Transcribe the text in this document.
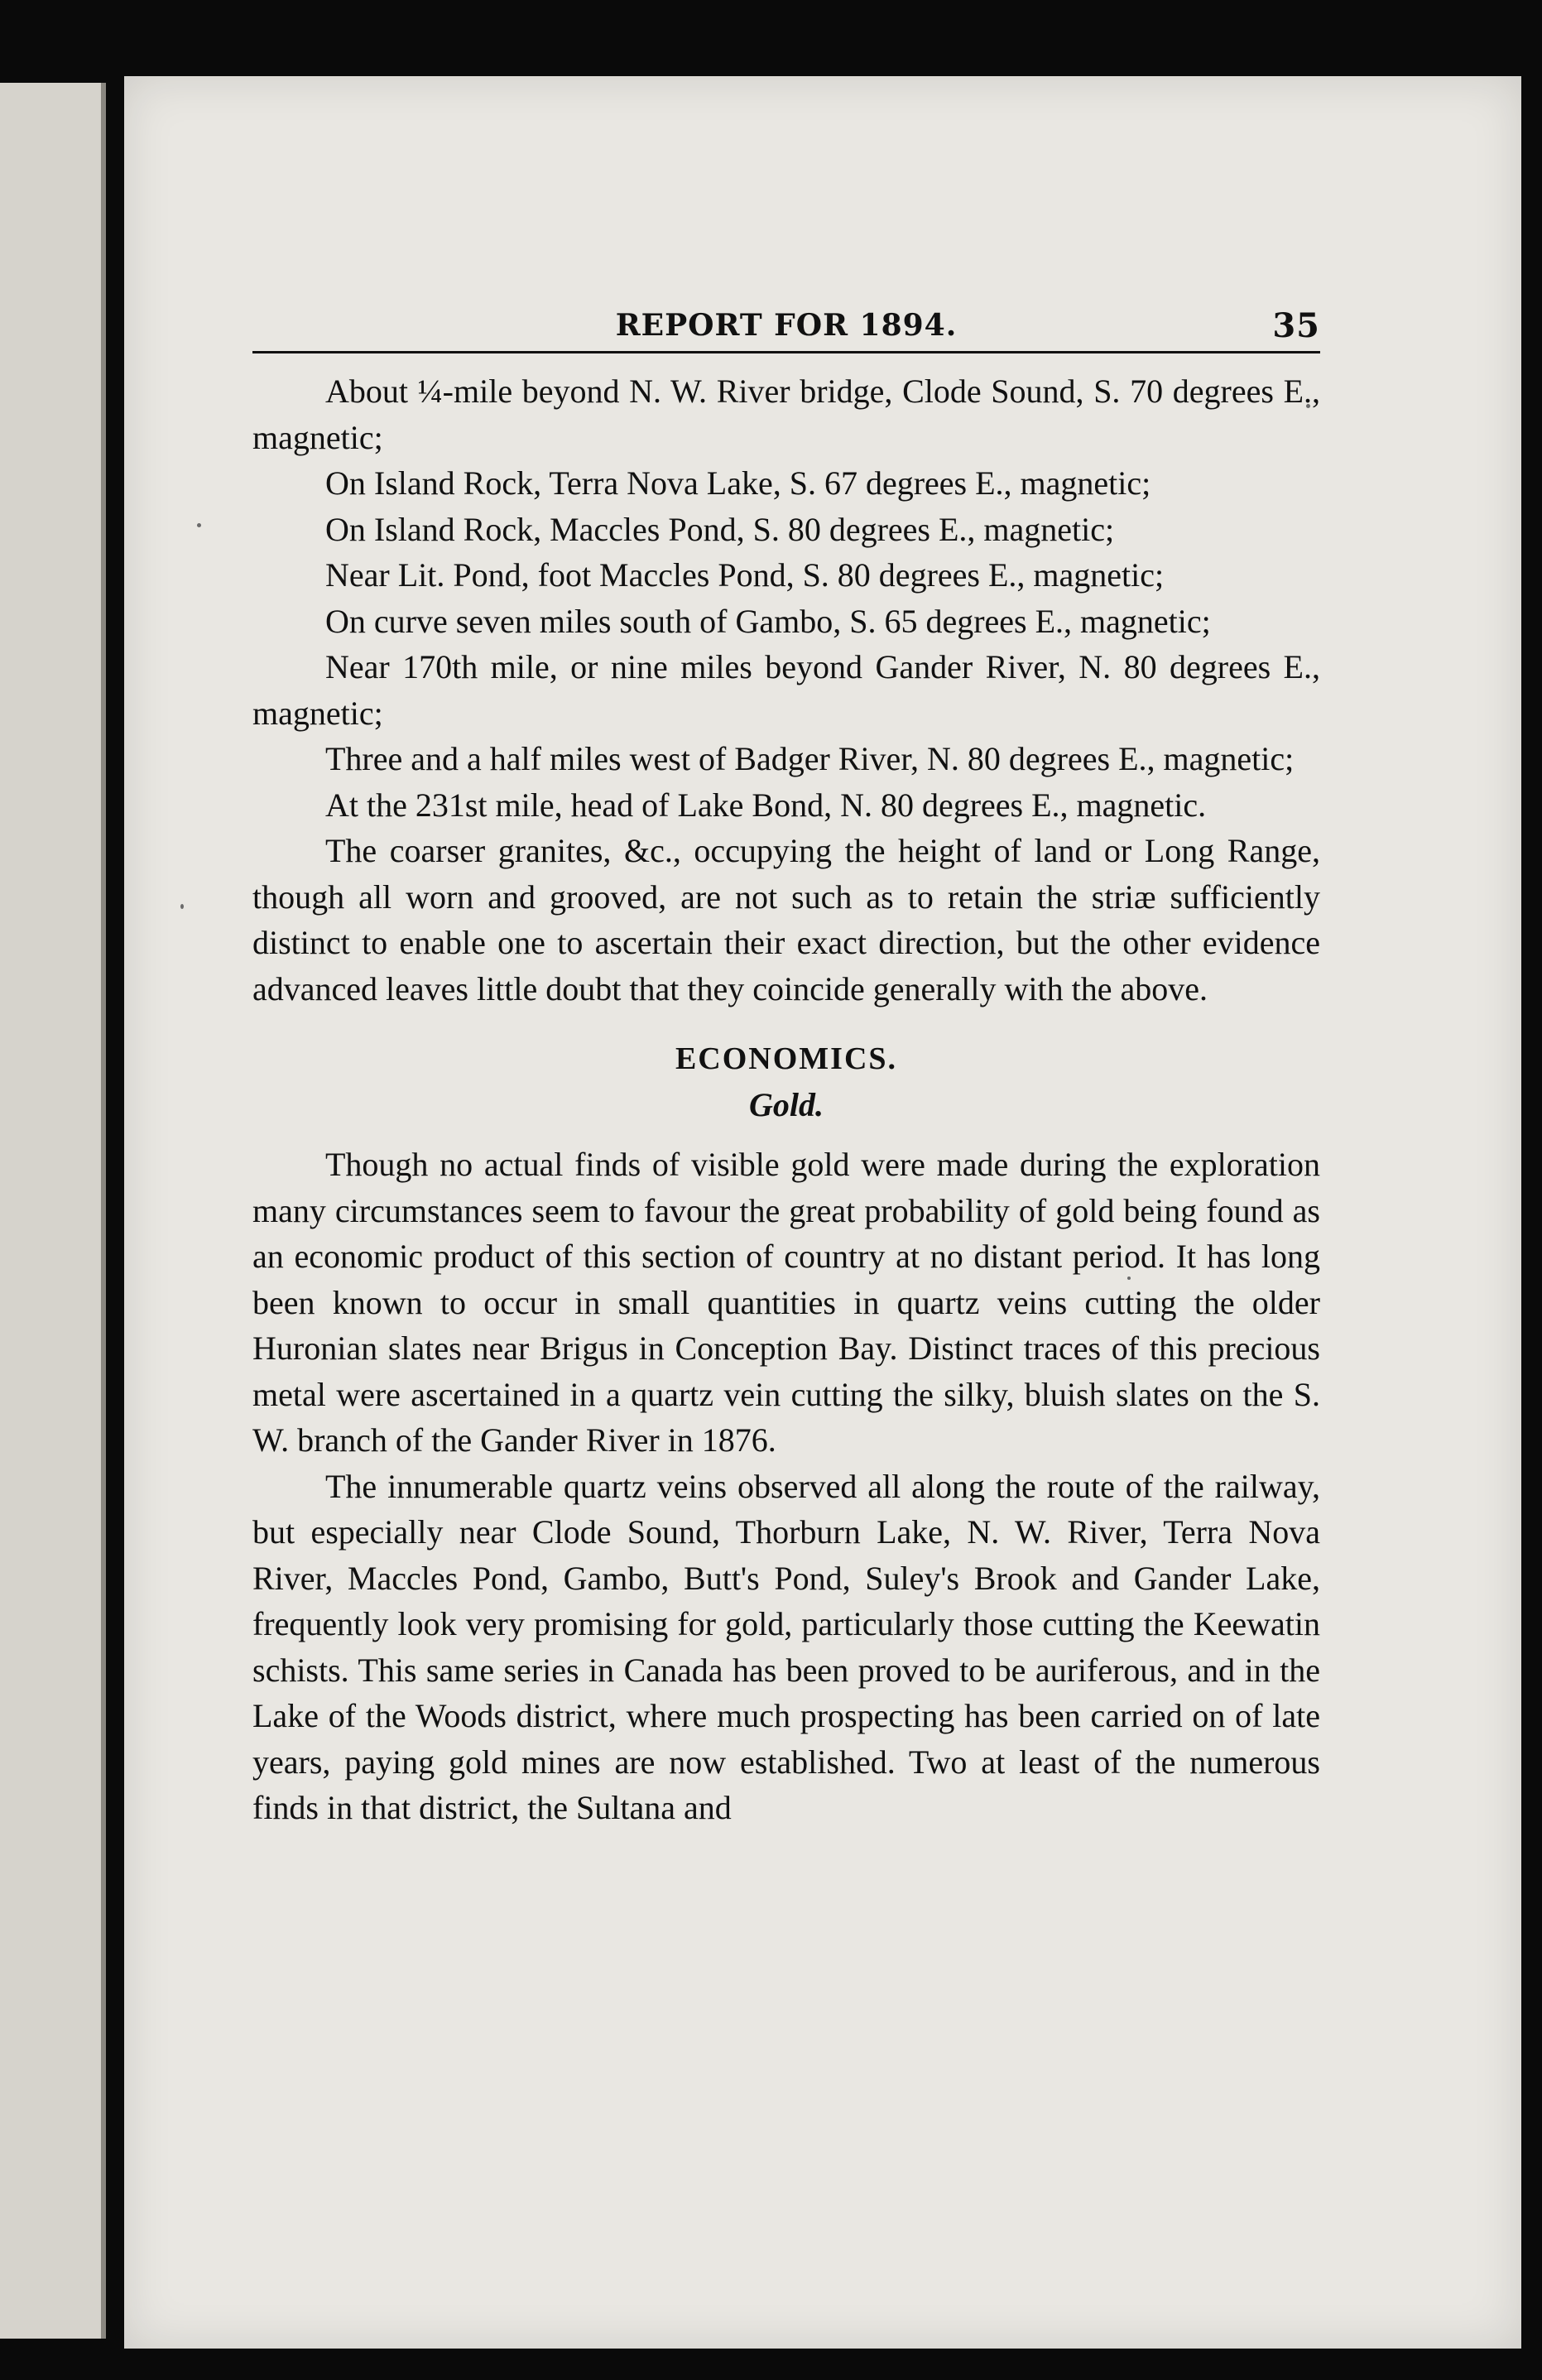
REPORT FOR 1894.	35

About ¼-mile beyond N. W. River bridge, Clode Sound, S. 70 degrees E., magnetic;

On Island Rock, Terra Nova Lake, S. 67 degrees E., magnetic;

On Island Rock, Maccles Pond, S. 80 degrees E., magnetic;

Near Lit. Pond, foot Maccles Pond, S. 80 degrees E., magnetic;

On curve seven miles south of Gambo, S. 65 degrees E., magnetic;

Near 170th mile, or nine miles beyond Gander River, N. 80 degrees E., magnetic;

Three and a half miles west of Badger River, N. 80 degrees E., magnetic;

At the 231st mile, head of Lake Bond, N. 80 degrees E., magnetic.

The coarser granites, &c., occupying the height of land or Long Range, though all worn and grooved, are not such as to retain the striæ sufficiently distinct to enable one to ascertain their exact direction, but the other evidence advanced leaves little doubt that they coincide generally with the above.

ECONOMICS.
Gold.

Though no actual finds of visible gold were made during the exploration many circumstances seem to favour the great probability of gold being found as an economic product of this section of country at no distant period. It has long been known to occur in small quantities in quartz veins cutting the older Huronian slates near Brigus in Conception Bay. Distinct traces of this precious metal were ascertained in a quartz vein cutting the silky, bluish slates on the S. W. branch of the Gander River in 1876.

The innumerable quartz veins observed all along the route of the railway, but especially near Clode Sound, Thorburn Lake, N. W. River, Terra Nova River, Maccles Pond, Gambo, Butt's Pond, Suley's Brook and Gander Lake, frequently look very promising for gold, particularly those cutting the Keewatin schists. This same series in Canada has been proved to be auriferous, and in the Lake of the Woods district, where much prospecting has been carried on of late years, paying gold mines are now established. Two at least of the numerous finds in that district, the Sultana and
